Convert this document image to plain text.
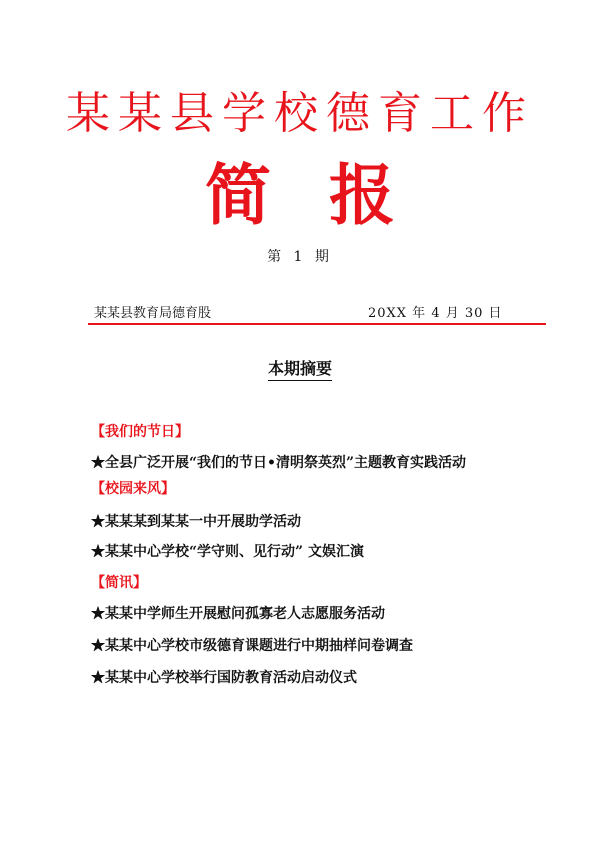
某某县学校德育工作
简 报
第 1 期
某某县教育局德育股	20XX 年 4 月 30 日
本期摘要
【我们的节日】
★全县广泛开展“我们的节日•清明祭英烈”主题教育实践活动
【校园来风】
★某某某到某某一中开展助学活动
★某某中心学校“学守则、见行动” 文娱汇演
【简讯】
★某某中学师生开展慰问孤寡老人志愿服务活动
★某某中心学校市级德育课题进行中期抽样问卷调查
★某某中心学校举行国防教育活动启动仪式
